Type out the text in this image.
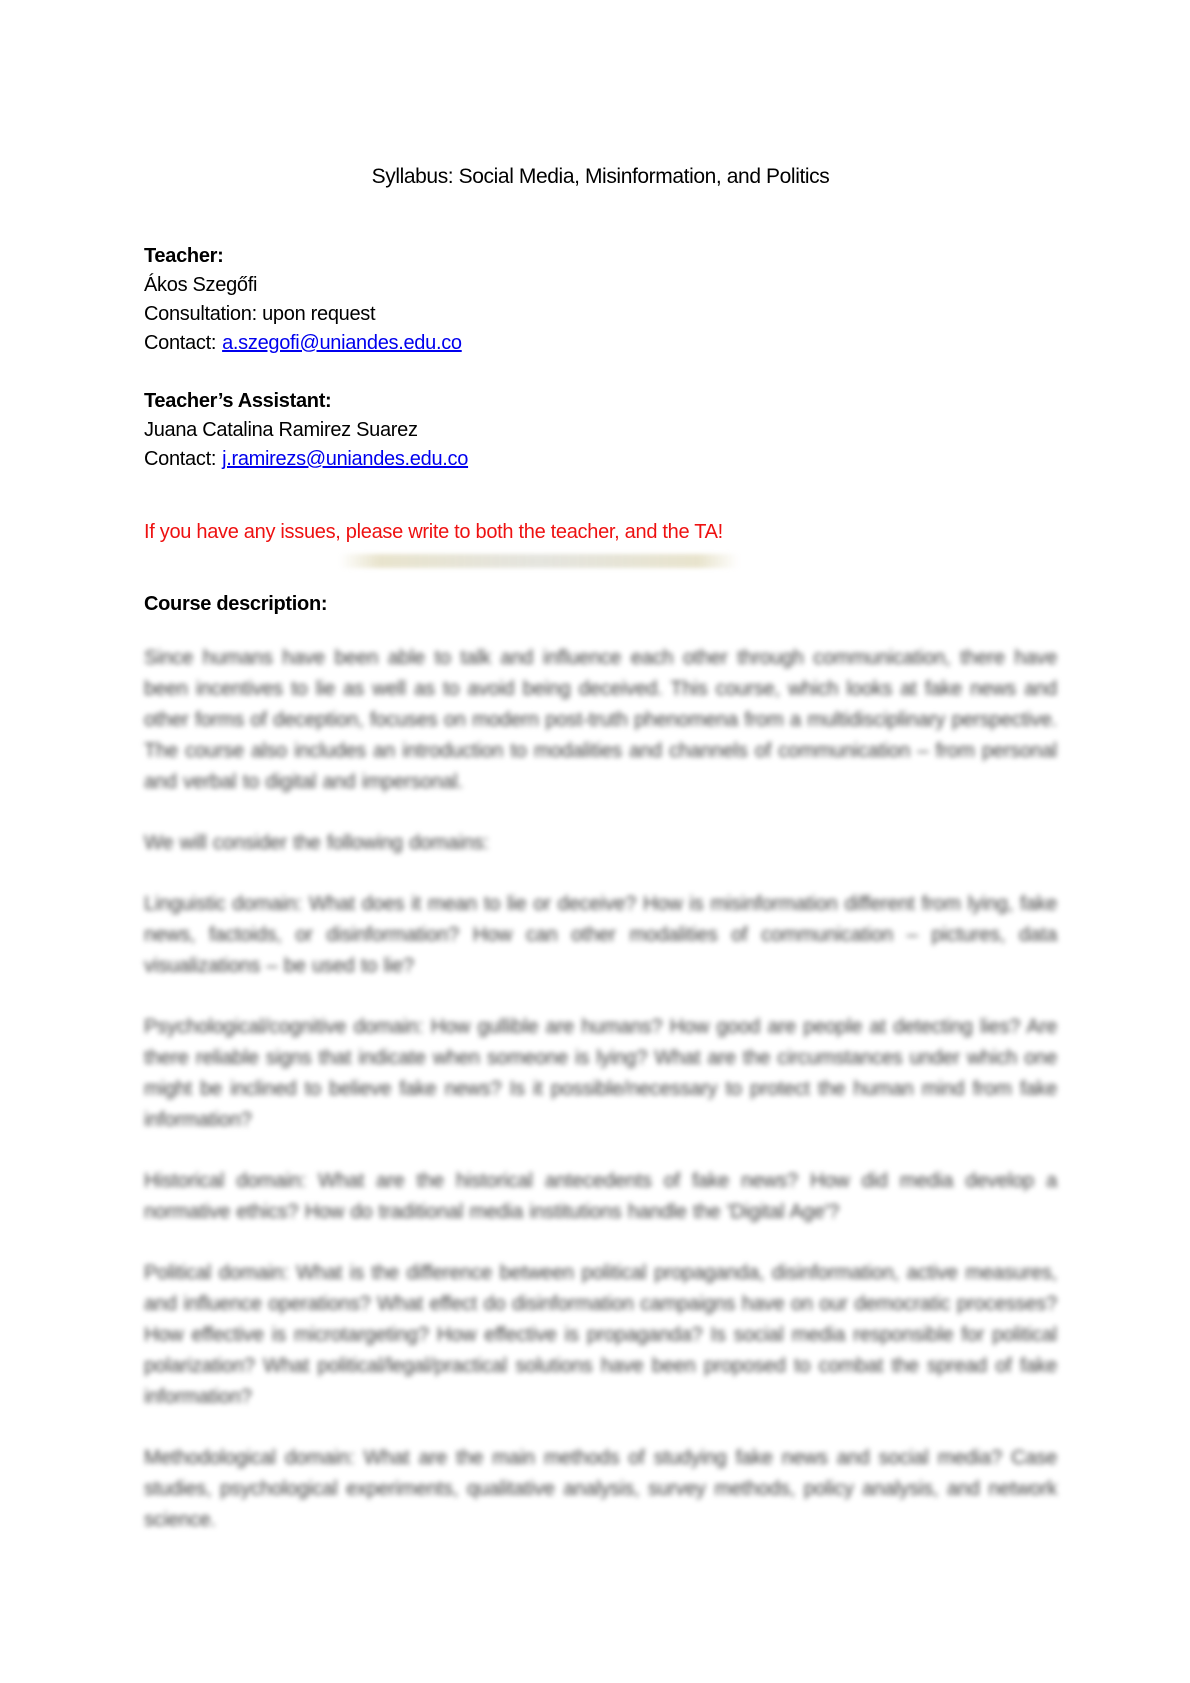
Syllabus: Social Media, Misinformation, and Politics

Teacher:

Ákos Szegőfi

Consultation: upon request

Contact: a.szegofi@uniandes.edu.co

Teacher’s Assistant:

Juana Catalina Ramirez Suarez

Contact: j.ramirezs@uniandes.edu.co

If you have any issues, please write to both the teacher, and the TA!

Course description:

Since humans have been able to talk and influence each other through communication, there have been incentives to lie as well as to avoid being deceived. This course, which looks at fake news and other forms of deception, focuses on modern post-truth phenomena from a multidisciplinary perspective. The course also includes an introduction to modalities and channels of communication – from personal and verbal to digital and impersonal.

We will consider the following domains:

Linguistic domain: What does it mean to lie or deceive? How is misinformation different from lying, fake news, factoids, or disinformation? How can other modalities of communication – pictures, data visualizations – be used to lie?

Psychological/cognitive domain: How gullible are humans? How good are people at detecting lies? Are there reliable signs that indicate when someone is lying? What are the circumstances under which one might be inclined to believe fake news? Is it possible/necessary to protect the human mind from fake information?

Historical domain: What are the historical antecedents of fake news? How did media develop a normative ethics? How do traditional media institutions handle the 'Digital Age'?

Political domain: What is the difference between political propaganda, disinformation, active measures, and influence operations? What effect do disinformation campaigns have on our democratic processes? How effective is microtargeting? How effective is propaganda? Is social media responsible for political polarization? What political/legal/practical solutions have been proposed to combat the spread of fake information?

Methodological domain: What are the main methods of studying fake news and social media? Case studies, psychological experiments, qualitative analysis, survey methods, policy analysis, and network science.
